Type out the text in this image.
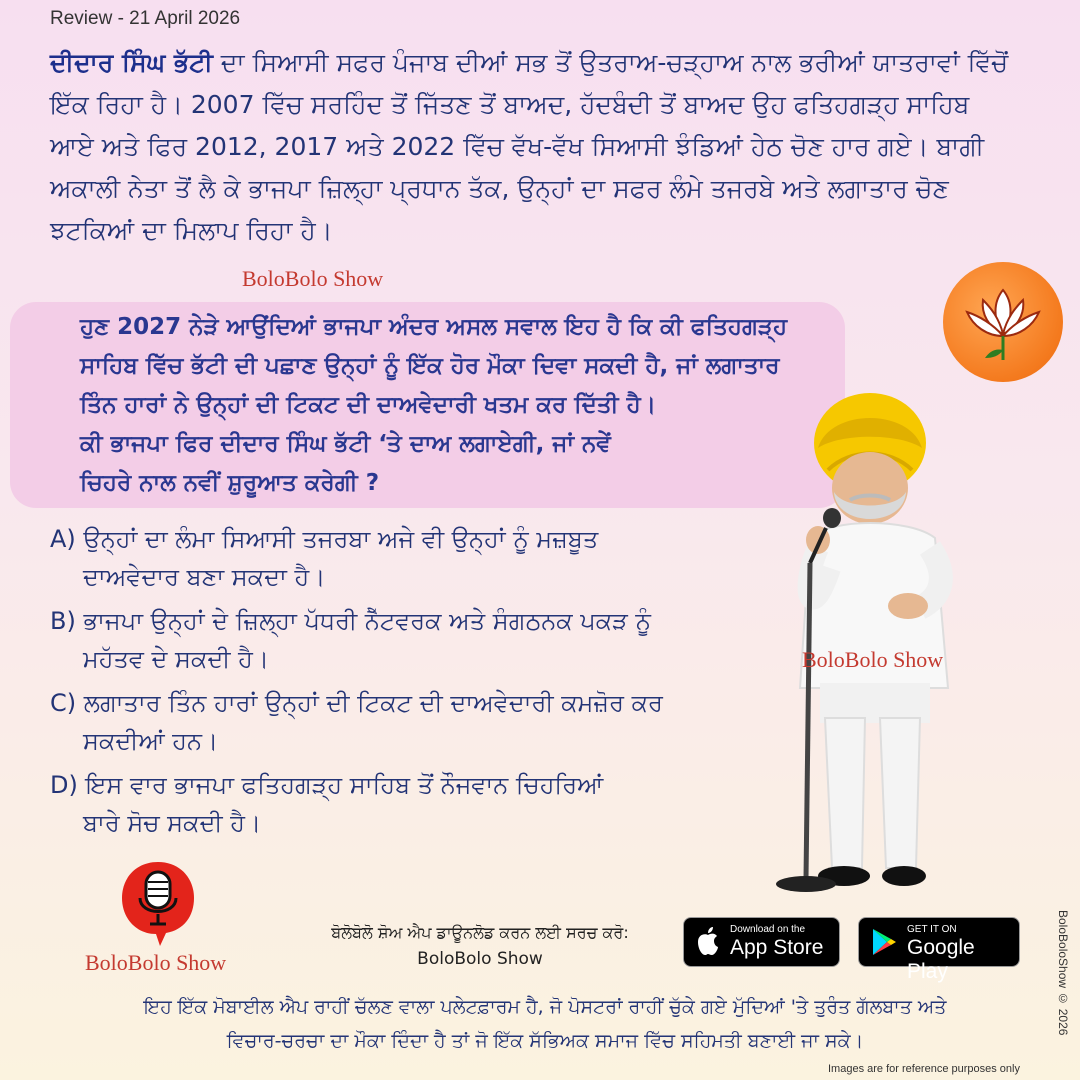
Review - 21 April 2026
ਦੀਦਾਰ ਸਿੰਘ ਭੱਟੀ ਦਾ ਸਿਆਸੀ ਸਫਰ ਪੰਜਾਬ ਦੀਆਂ ਸਭ ਤੋਂ ਉਤਰਾਅ-ਚੜ੍ਹਾਅ ਨਾਲ ਭਰੀਆਂ ਯਾਤਰਾਵਾਂ ਵਿੱਚੋਂ ਇੱਕ ਰਿਹਾ ਹੈ। 2007 ਵਿੱਚ ਸਰਹਿੰਦ ਤੋਂ ਜਿੱਤਣ ਤੋਂ ਬਾਅਦ, ਹੱਦਬੰਦੀ ਤੋਂ ਬਾਅਦ ਉਹ ਫਤਿਹਗੜ੍ਹ ਸਾਹਿਬ ਆਏ ਅਤੇ ਫਿਰ 2012, 2017 ਅਤੇ 2022 ਵਿੱਚ ਵੱਖ-ਵੱਖ ਸਿਆਸੀ ਝੰਡਿਆਂ ਹੇਠ ਚੋਣ ਹਾਰ ਗਏ। ਬਾਗੀ ਅਕਾਲੀ ਨੇਤਾ ਤੋਂ ਲੈ ਕੇ ਭਾਜਪਾ ਜ਼ਿਲ੍ਹਾ ਪ੍ਰਧਾਨ ਤੱਕ, ਉਨ੍ਹਾਂ ਦਾ ਸਫਰ ਲੰਮੇ ਤਜਰਬੇ ਅਤੇ ਲਗਾਤਾਰ ਚੋਣ ਝਟਕਿਆਂ ਦਾ ਮਿਲਾਪ ਰਿਹਾ ਹੈ।
BoloBolo Show
ਹੁਣ 2027 ਨੇੜੇ ਆਉਂਦਿਆਂ ਭਾਜਪਾ ਅੰਦਰ ਅਸਲ ਸਵਾਲ ਇਹ ਹੈ ਕਿ ਕੀ ਫਤਿਹਗੜ੍ਹ
ਸਾਹਿਬ ਵਿੱਚ ਭੱਟੀ ਦੀ ਪਛਾਣ ਉਨ੍ਹਾਂ ਨੂੰ ਇੱਕ ਹੋਰ ਮੌਕਾ ਦਿਵਾ ਸਕਦੀ ਹੈ, ਜਾਂ ਲਗਾਤਾਰ
ਤਿੰਨ ਹਾਰਾਂ ਨੇ ਉਨ੍ਹਾਂ ਦੀ ਟਿਕਟ ਦੀ ਦਾਅਵੇਦਾਰੀ ਖਤਮ ਕਰ ਦਿੱਤੀ ਹੈ।
ਕੀ ਭਾਜਪਾ ਫਿਰ ਦੀਦਾਰ ਸਿੰਘ ਭੱਟੀ ‘ਤੇ ਦਾਅ ਲਗਾਏਗੀ, ਜਾਂ ਨਵੇਂ
ਚਿਹਰੇ ਨਾਲ ਨਵੀਂ ਸ਼ੁਰੂਆਤ ਕਰੇਗੀ ?
A) ਉਨ੍ਹਾਂ ਦਾ ਲੰਮਾ ਸਿਆਸੀ ਤਜਰਬਾ ਅਜੇ ਵੀ ਉਨ੍ਹਾਂ ਨੂੰ ਮਜ਼ਬੂਤ
ਦਾਅਵੇਦਾਰ ਬਣਾ ਸਕਦਾ ਹੈ।
B) ਭਾਜਪਾ ਉਨ੍ਹਾਂ ਦੇ ਜ਼ਿਲ੍ਹਾ ਪੱਧਰੀ ਨੈੱਟਵਰਕ ਅਤੇ ਸੰਗਠਨਕ ਪਕੜ ਨੂੰ
ਮਹੱਤਵ ਦੇ ਸਕਦੀ ਹੈ।
C) ਲਗਾਤਾਰ ਤਿੰਨ ਹਾਰਾਂ ਉਨ੍ਹਾਂ ਦੀ ਟਿਕਟ ਦੀ ਦਾਅਵੇਦਾਰੀ ਕਮਜ਼ੋਰ ਕਰ
ਸਕਦੀਆਂ ਹਨ।
D) ਇਸ ਵਾਰ ਭਾਜਪਾ ਫਤਿਹਗੜ੍ਹ ਸਾਹਿਬ ਤੋਂ ਨੌਜਵਾਨ ਚਿਹਰਿਆਂ
ਬਾਰੇ ਸੋਚ ਸਕਦੀ ਹੈ।
BoloBolo Show
BoloBolo Show
ਬੋਲੋਬੋਲੋ ਸ਼ੋਅ ਐਪ ਡਾਊਨਲੋਡ ਕਰਨ ਲਈ ਸਰਚ ਕਰੋ:
BoloBolo Show
Download on the
App Store
GET IT ON
Google Play
ਇਹ ਇੱਕ ਮੋਬਾਈਲ ਐਪ ਰਾਹੀਂ ਚੱਲਣ ਵਾਲਾ ਪਲੇਟਫ਼ਾਰਮ ਹੈ, ਜੋ ਪੋਸਟਰਾਂ ਰਾਹੀਂ ਚੁੱਕੇ ਗਏ ਮੁੱਦਿਆਂ 'ਤੇ ਤੁਰੰਤ ਗੱਲਬਾਤ ਅਤੇ
ਵਿਚਾਰ-ਚਰਚਾ ਦਾ ਮੌਕਾ ਦਿੰਦਾ ਹੈ ਤਾਂ ਜੋ ਇੱਕ ਸੱਭਿਅਕ ਸਮਾਜ ਵਿੱਚ ਸਹਿਮਤੀ ਬਣਾਈ ਜਾ ਸਕੇ।
BoloBoloShow © 2026
Images are for reference purposes only
